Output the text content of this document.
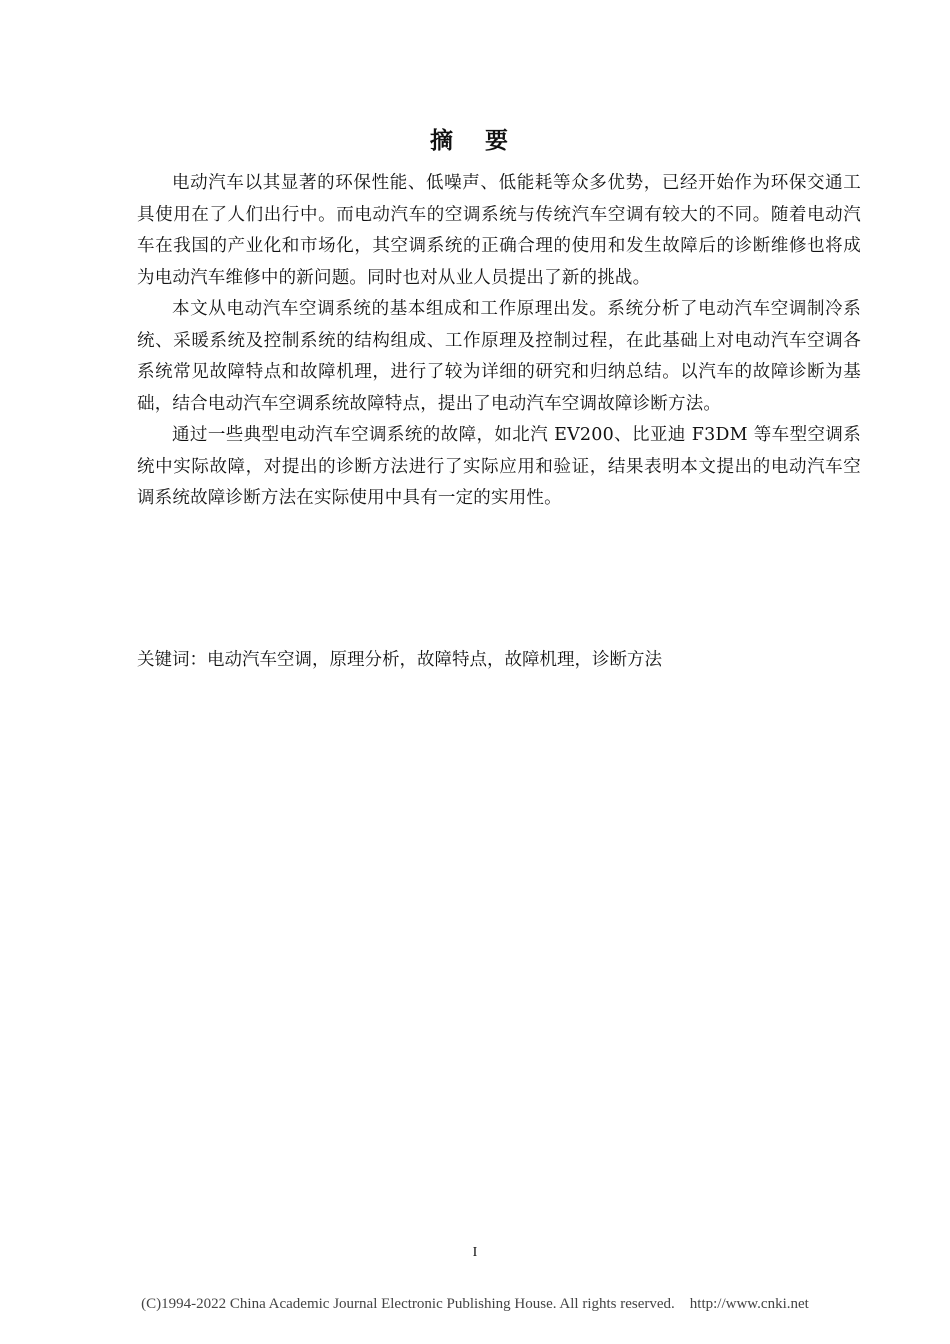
摘 要

电动汽车以其显著的环保性能、低噪声、低能耗等众多优势，已经开始作为环保交通工具使用在了人们出行中。而电动汽车的空调系统与传统汽车空调有较大的不同。随着电动汽车在我国的产业化和市场化，其空调系统的正确合理的使用和发生故障后的诊断维修也将成为电动汽车维修中的新问题。同时也对从业人员提出了新的挑战。

本文从电动汽车空调系统的基本组成和工作原理出发。系统分析了电动汽车空调制冷系统、采暖系统及控制系统的结构组成、工作原理及控制过程，在此基础上对电动汽车空调各系统常见故障特点和故障机理，进行了较为详细的研究和归纳总结。以汽车的故障诊断为基础，结合电动汽车空调系统故障特点，提出了电动汽车空调故障诊断方法。

通过一些典型电动汽车空调系统的故障，如北汽 EV200、比亚迪 F3DM 等车型空调系统中实际故障，对提出的诊断方法进行了实际应用和验证，结果表明本文提出的电动汽车空调系统故障诊断方法在实际使用中具有一定的实用性。

关键词：电动汽车空调，原理分析，故障特点，故障机理，诊断方法
I
(C)1994-2022 China Academic Journal Electronic Publishing House. All rights reserved.    http://www.cnki.net
